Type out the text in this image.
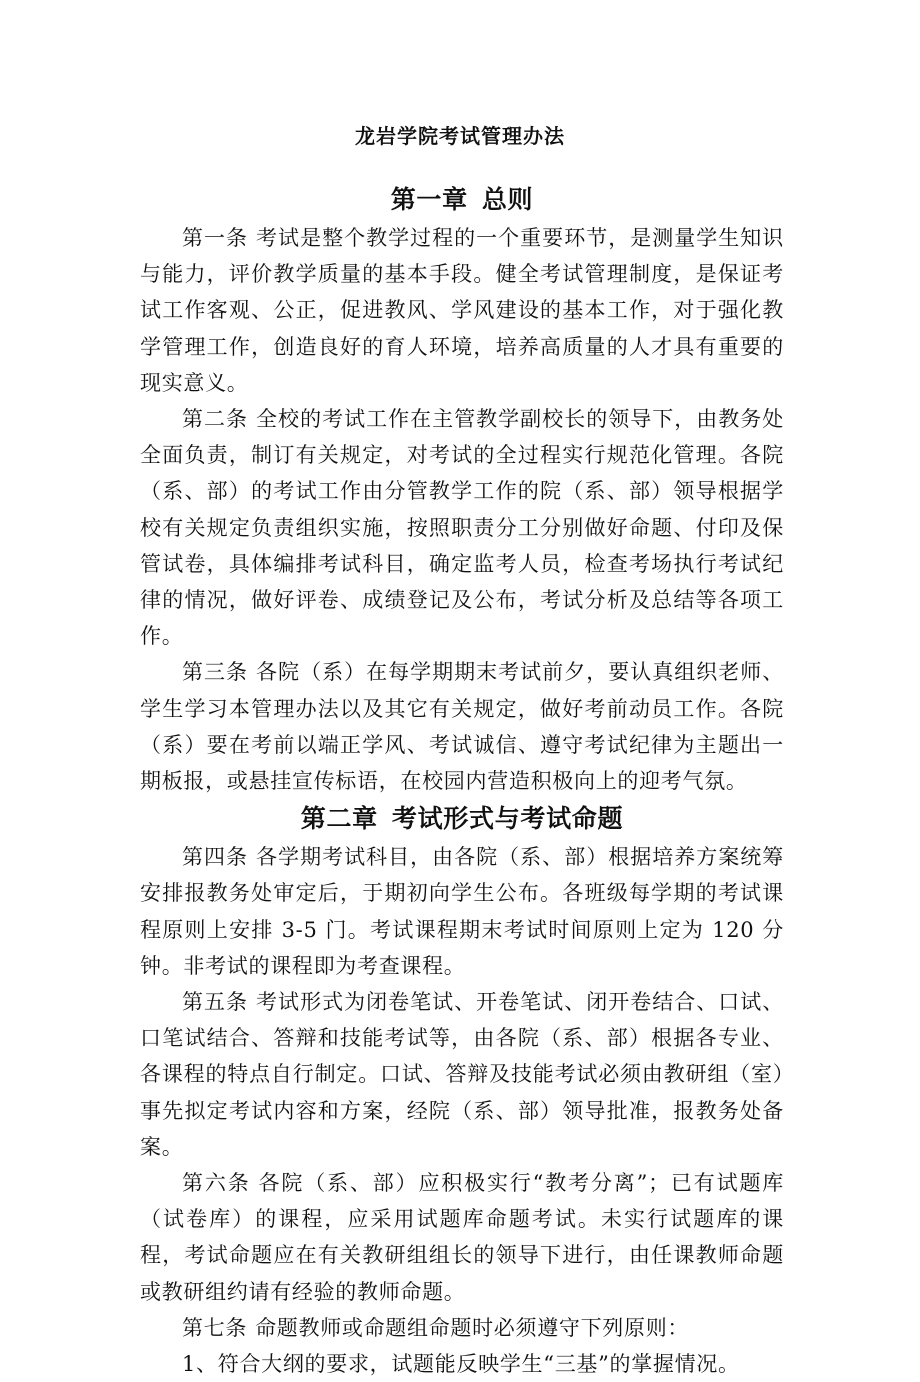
龙岩学院考试管理办法
第一章 总则

第一条 考试是整个教学过程的一个重要环节，是测量学生知识与能力，评价教学质量的基本手段。健全考试管理制度，是保证考试工作客观、公正，促进教风、学风建设的基本工作，对于强化教学管理工作，创造良好的育人环境，培养高质量的人才具有重要的现实意义。

第二条 全校的考试工作在主管教学副校长的领导下，由教务处全面负责，制订有关规定，对考试的全过程实行规范化管理。各院（系、部）的考试工作由分管教学工作的院（系、部）领导根据学校有关规定负责组织实施，按照职责分工分别做好命题、付印及保管试卷，具体编排考试科目，确定监考人员，检查考场执行考试纪律的情况，做好评卷、成绩登记及公布，考试分析及总结等各项工作。

第三条 各院（系）在每学期期末考试前夕，要认真组织老师、学生学习本管理办法以及其它有关规定，做好考前动员工作。各院（系）要在考前以端正学风、考试诚信、遵守考试纪律为主题出一期板报，或悬挂宣传标语，在校园内营造积极向上的迎考气氛。

第二章 考试形式与考试命题

第四条 各学期考试科目，由各院（系、部）根据培养方案统筹安排报教务处审定后，于期初向学生公布。各班级每学期的考试课程原则上安排 3-5 门。考试课程期末考试时间原则上定为 120 分钟。非考试的课程即为考查课程。

第五条 考试形式为闭卷笔试、开卷笔试、闭开卷结合、口试、口笔试结合、答辩和技能考试等，由各院（系、部）根据各专业、各课程的特点自行制定。口试、答辩及技能考试必须由教研组（室）事先拟定考试内容和方案，经院（系、部）领导批准，报教务处备案。

第六条 各院（系、部）应积极实行“教考分离”；已有试题库（试卷库）的课程，应采用试题库命题考试。未实行试题库的课程，考试命题应在有关教研组组长的领导下进行，由任课教师命题或教研组约请有经验的教师命题。

第七条 命题教师或命题组命题时必须遵守下列原则：

1、符合大纲的要求，试题能反映学生“三基”的掌握情况。
